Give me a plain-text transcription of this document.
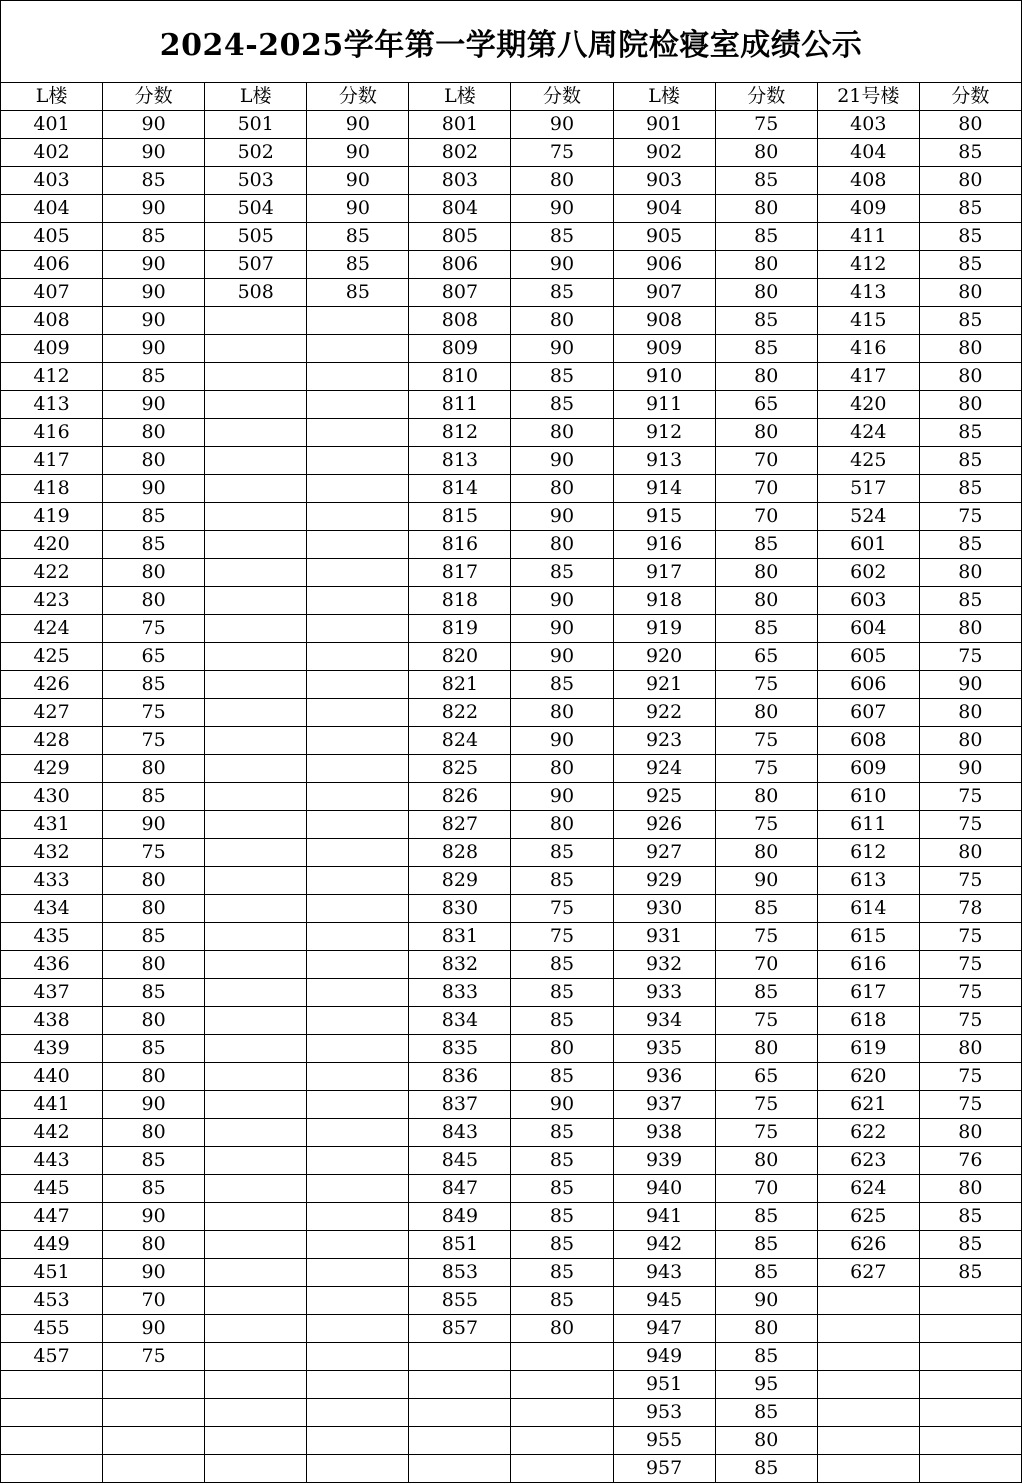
2024-2025学年第一学期第八周院检寝室成绩公示
L楼	分数	L楼	分数	L楼	分数	L楼	分数	21号楼	分数
401	90	501	90	801	90	901	75	403	80
402	90	502	90	802	75	902	80	404	85
403	85	503	90	803	80	903	85	408	80
404	90	504	90	804	90	904	80	409	85
405	85	505	85	805	85	905	85	411	85
406	90	507	85	806	90	906	80	412	85
407	90	508	85	807	85	907	80	413	80
408	90			808	80	908	85	415	85
409	90			809	90	909	85	416	80
412	85			810	85	910	80	417	80
413	90			811	85	911	65	420	80
416	80			812	80	912	80	424	85
417	80			813	90	913	70	425	85
418	90			814	80	914	70	517	85
419	85			815	90	915	70	524	75
420	85			816	80	916	85	601	85
422	80			817	85	917	80	602	80
423	80			818	90	918	80	603	85
424	75			819	90	919	85	604	80
425	65			820	90	920	65	605	75
426	85			821	85	921	75	606	90
427	75			822	80	922	80	607	80
428	75			824	90	923	75	608	80
429	80			825	80	924	75	609	90
430	85			826	90	925	80	610	75
431	90			827	80	926	75	611	75
432	75			828	85	927	80	612	80
433	80			829	85	929	90	613	75
434	80			830	75	930	85	614	78
435	85			831	75	931	75	615	75
436	80			832	85	932	70	616	75
437	85			833	85	933	85	617	75
438	80			834	85	934	75	618	75
439	85			835	80	935	80	619	80
440	80			836	85	936	65	620	75
441	90			837	90	937	75	621	75
442	80			843	85	938	75	622	80
443	85			845	85	939	80	623	76
445	85			847	85	940	70	624	80
447	90			849	85	941	85	625	85
449	80			851	85	942	85	626	85
451	90			853	85	943	85	627	85
453	70			855	85	945	90		
455	90			857	80	947	80		
457	75					949	85		
						951	95		
						953	85		
						955	80		
						957	85		
